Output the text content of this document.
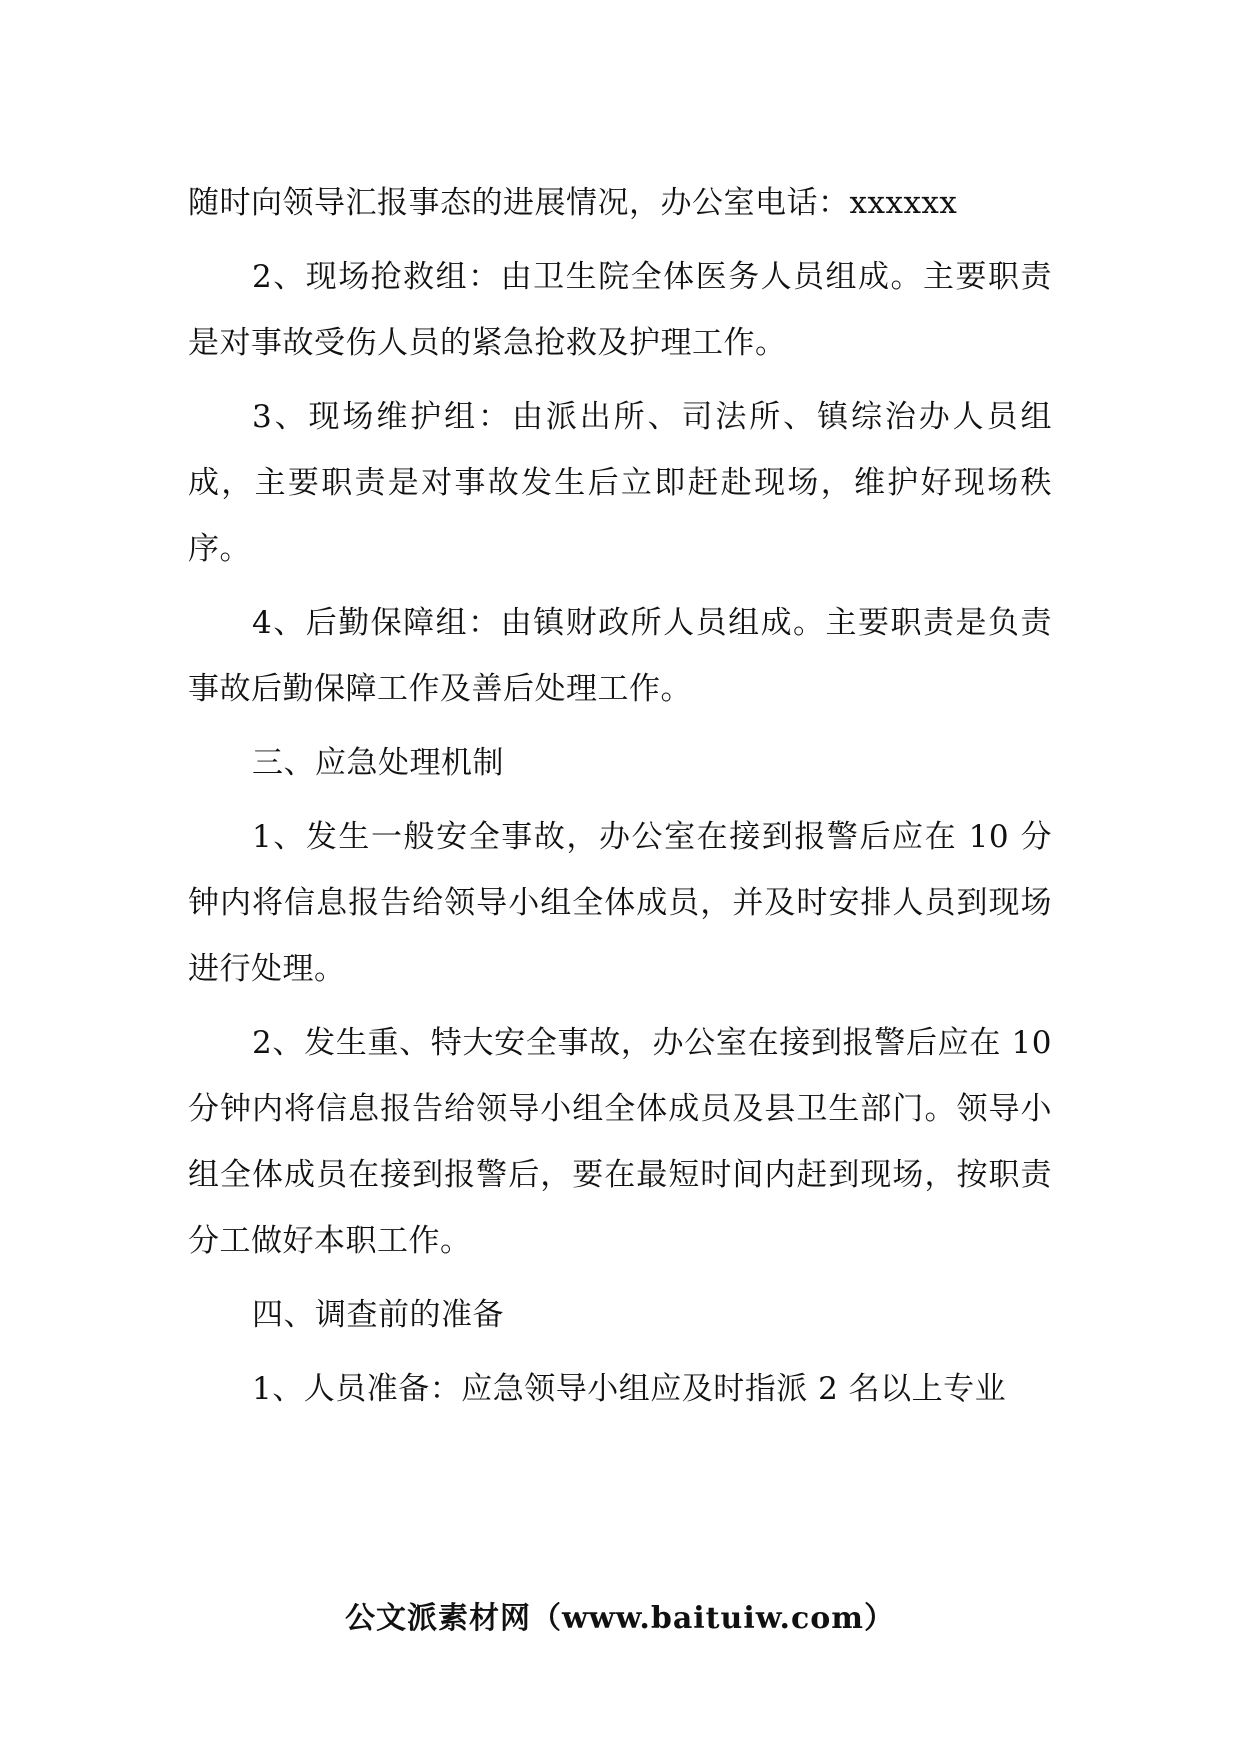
随时向领导汇报事态的进展情况，办公室电话：xxxxxx

2、现场抢救组：由卫生院全体医务人员组成。主要职责是对事故受伤人员的紧急抢救及护理工作。

3、现场维护组：由派出所、司法所、镇综治办人员组成，主要职责是对事故发生后立即赶赴现场，维护好现场秩序。

4、后勤保障组：由镇财政所人员组成。主要职责是负责事故后勤保障工作及善后处理工作。

三、应急处理机制

1、发生一般安全事故，办公室在接到报警后应在 10 分钟内将信息报告给领导小组全体成员，并及时安排人员到现场进行处理。

2、发生重、特大安全事故，办公室在接到报警后应在 10 分钟内将信息报告给领导小组全体成员及县卫生部门。领导小组全体成员在接到报警后，要在最短时间内赶到现场，按职责分工做好本职工作。

四、调查前的准备

1、人员准备：应急领导小组应及时指派 2 名以上专业

公文派素材网（www.baituiw.com）
